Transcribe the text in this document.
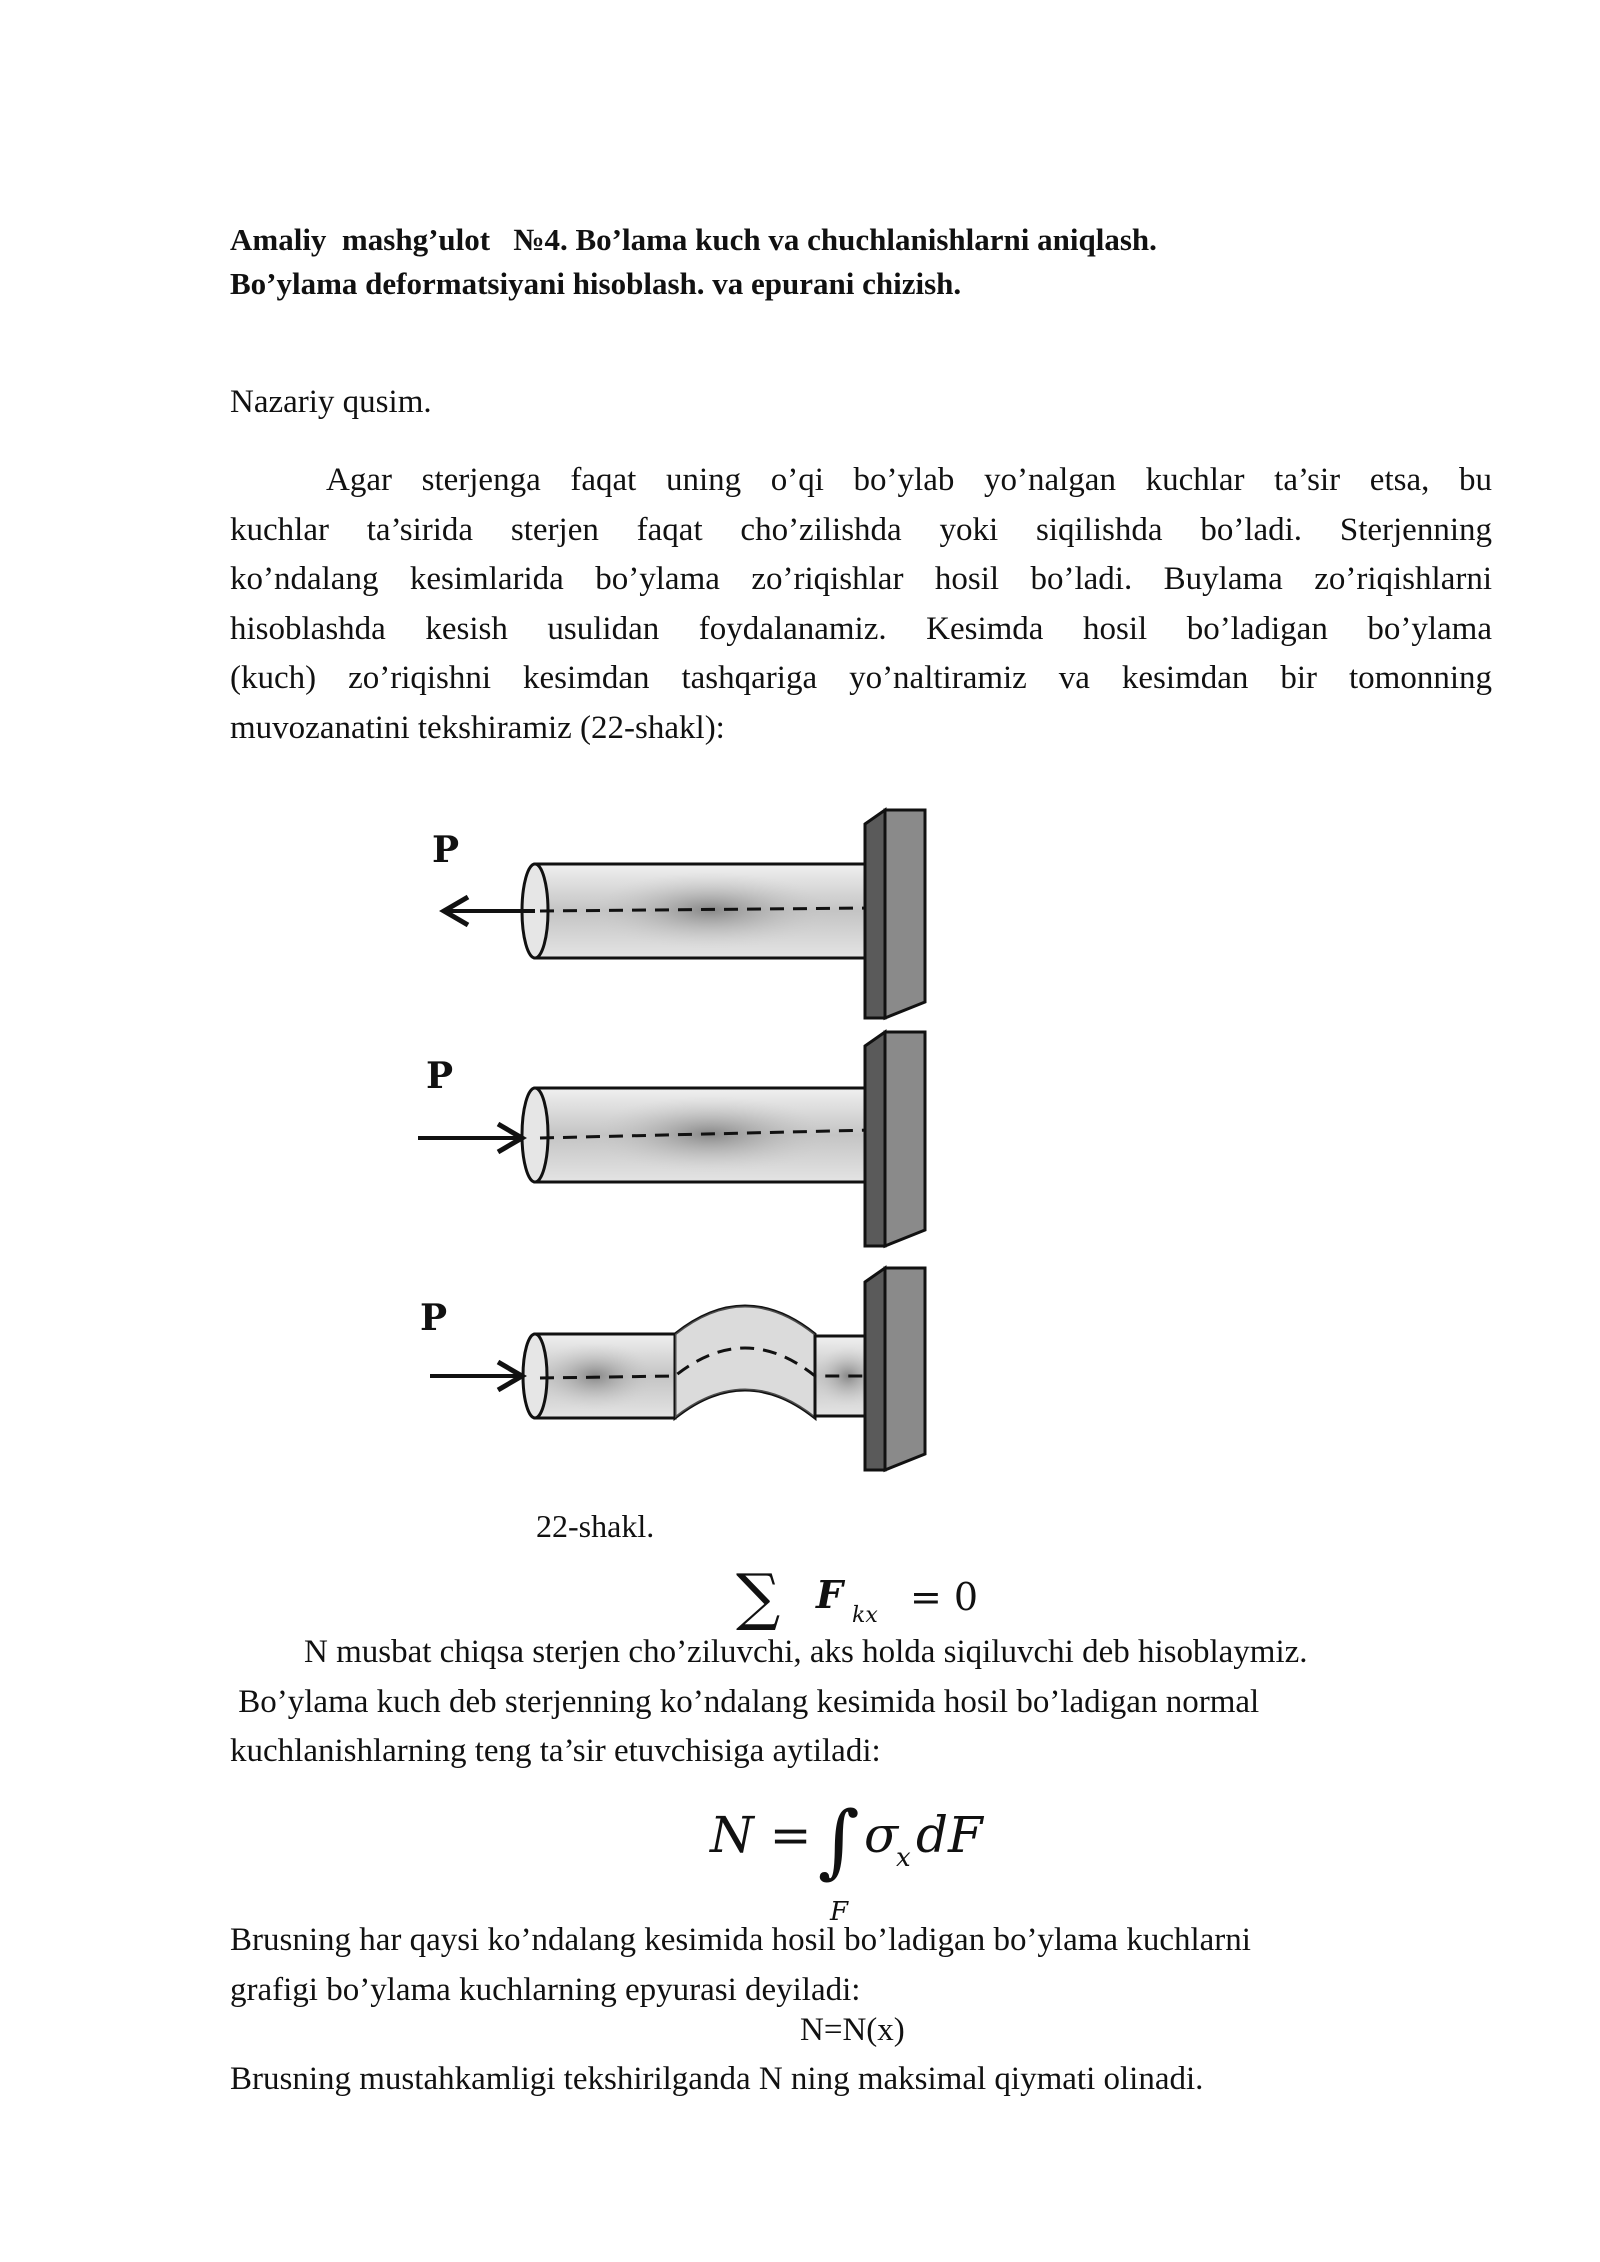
Amaliy  mashg’ulot   №4. Bo’lama kuch va chuchlanishlarni aniqlash.
Bo’ylama deformatsiyani hisoblash. va epurani chizish.
Nazariy qusim.
Agar sterjenga faqat uning o’qi bo’ylab yo’nalgan kuchlar ta’sir etsa, bu
kuchlar ta’sirida sterjen faqat cho’zilishda yoki siqilishda bo’ladi. Sterjenning
ko’ndalang kesimlarida bo’ylama zo’riqishlar hosil bo’ladi. Buylama zo’riqishlarni
hisoblashda kesish usulidan foydalanamiz. Kesimda hosil bo’ladigan bo’ylama
(kuch) zo’riqishni kesimdan tashqariga yo’naltiramiz va kesimdan bir tomonning
muvozanatini tekshiramiz (22-shakl):
P
P
P
22-shakl.
∑ F kx = 0
N musbat chiqsa sterjen cho’ziluvchi, aks holda siqiluvchi deb hisoblaymiz.
Bo’ylama kuch deb sterjenning ko’ndalang kesimida hosil bo’ladigan normal
kuchlanishlarning teng ta’sir etuvchisiga aytiladi:
N = ∫ σ
x dF
F
Brusning har qaysi ko’ndalang kesimida hosil bo’ladigan bo’ylama kuchlarni
grafigi bo’ylama kuchlarning epyurasi deyiladi:
N=N(x)
Brusning mustahkamligi tekshirilganda N ning maksimal qiymati olinadi.
